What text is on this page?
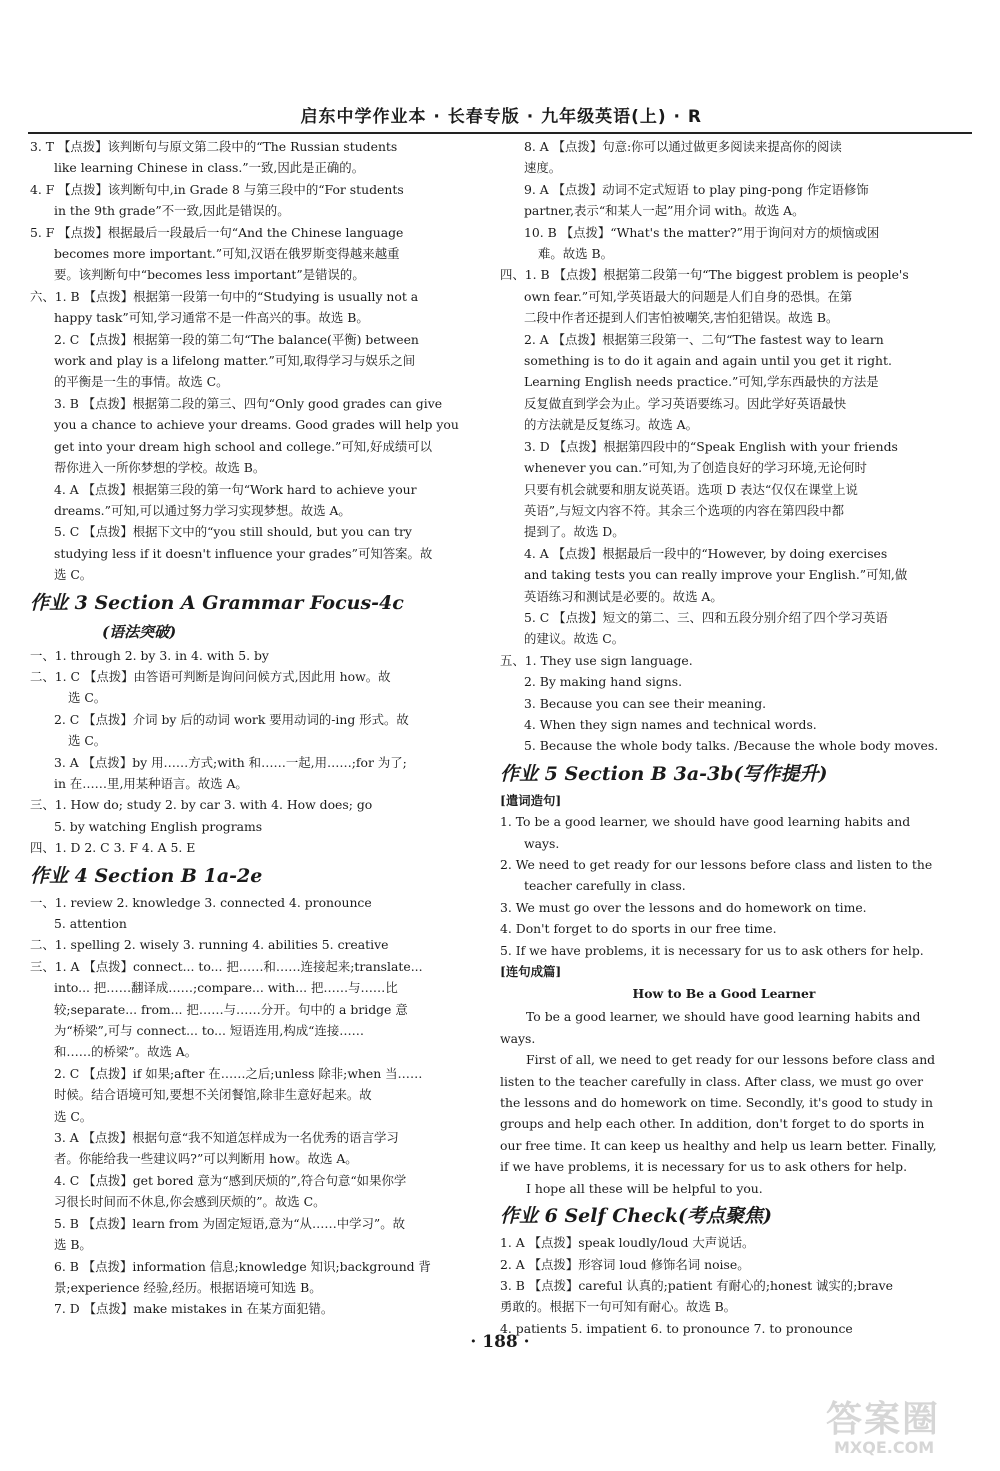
启东中学作业本 · 长春专版 · 九年级英语(上) · R
3. T 【点拨】该判断句与原文第二段中的“The Russian students
like learning Chinese in class.”一致,因此是正确的。
4. F 【点拨】该判断句中,in Grade 8 与第三段中的“For students
in the 9th grade”不一致,因此是错误的。
5. F 【点拨】根据最后一段最后一句“And the Chinese language
becomes more important.”可知,汉语在俄罗斯变得越来越重
要。该判断句中“becomes less important”是错误的。
六、1. B 【点拨】根据第一段第一句中的“Studying is usually not a
happy task”可知,学习通常不是一件高兴的事。故选 B。
2. C 【点拨】根据第一段的第二句“The balance(平衡) between
work and play is a lifelong matter.”可知,取得学习与娱乐之间
的平衡是一生的事情。故选 C。
3. B 【点拨】根据第二段的第三、四句“Only good grades can give
you a chance to achieve your dreams. Good grades will help you
get into your dream high school and college.”可知,好成绩可以
帮你进入一所你梦想的学校。故选 B。
4. A 【点拨】根据第三段的第一句“Work hard to achieve your
dreams.”可知,可以通过努力学习实现梦想。故选 A。
5. C 【点拨】根据下文中的“you still should, but you can try
studying less if it doesn't influence your grades”可知答案。故
选 C。
作业 3 Section A Grammar Focus-4c
(语法突破)
一、1. through 2. by 3. in 4. with 5. by
二、1. C 【点拨】由答语可判断是询问问候方式,因此用 how。故
选 C。
2. C 【点拨】介词 by 后的动词 work 要用动词的-ing 形式。故
选 C。
3. A 【点拨】by 用……方式;with 和……一起,用……;for 为了;
in 在……里,用某种语言。故选 A。
三、1. How do; study 2. by car 3. with 4. How does; go
5. by watching English programs
四、1. D 2. C 3. F 4. A 5. E
作业 4 Section B 1a-2e
一、1. review 2. knowledge 3. connected 4. pronounce
5. attention
二、1. spelling 2. wisely 3. running 4. abilities 5. creative
三、1. A 【点拨】connect... to... 把……和……连接起来;translate...
into... 把……翻译成……;compare... with... 把……与……比
较;separate... from... 把……与……分开。句中的 a bridge 意
为“桥梁”,可与 connect... to... 短语连用,构成“连接……
和……的桥梁”。故选 A。
2. C 【点拨】if 如果;after 在……之后;unless 除非;when 当……
时候。结合语境可知,要想不关闭餐馆,除非生意好起来。故
选 C。
3. A 【点拨】根据句意“我不知道怎样成为一名优秀的语言学习
者。你能给我一些建议吗?”可以判断用 how。故选 A。
4. C 【点拨】get bored 意为“感到厌烦的”,符合句意“如果你学
习很长时间而不休息,你会感到厌烦的”。故选 C。
5. B 【点拨】learn from 为固定短语,意为“从……中学习”。故
选 B。
6. B 【点拨】information 信息;knowledge 知识;background 背
景;experience 经验,经历。根据语境可知选 B。
7. D 【点拨】make mistakes in 在某方面犯错。
8. A 【点拨】句意:你可以通过做更多阅读来提高你的阅读
速度。
9. A 【点拨】动词不定式短语 to play ping-pong 作定语修饰
partner,表示“和某人一起”用介词 with。故选 A。
10. B 【点拨】“What's the matter?”用于询问对方的烦恼或困
难。故选 B。
四、1. B 【点拨】根据第二段第一句“The biggest problem is people's
own fear.”可知,学英语最大的问题是人们自身的恐惧。在第
二段中作者还提到人们害怕被嘲笑,害怕犯错误。故选 B。
2. A 【点拨】根据第三段第一、二句“The fastest way to learn
something is to do it again and again until you get it right.
Learning English needs practice.”可知,学东西最快的方法是
反复做直到学会为止。学习英语要练习。因此学好英语最快
的方法就是反复练习。故选 A。
3. D 【点拨】根据第四段中的“Speak English with your friends
whenever you can.”可知,为了创造良好的学习环境,无论何时
只要有机会就要和朋友说英语。选项 D 表达“仅仅在课堂上说
英语”,与短文内容不符。其余三个选项的内容在第四段中都
提到了。故选 D。
4. A 【点拨】根据最后一段中的“However, by doing exercises
and taking tests you can really improve your English.”可知,做
英语练习和测试是必要的。故选 A。
5. C 【点拨】短文的第二、三、四和五段分别介绍了四个学习英语
的建议。故选 C。
五、1. They use sign language.
2. By making hand signs.
3. Because you can see their meaning.
4. When they sign names and technical words.
5. Because the whole body talks. /Because the whole body moves.
作业 5 Section B 3a-3b(写作提升)
[遣词造句]
1. To be a good learner, we should have good learning habits and
ways.
2. We need to get ready for our lessons before class and listen to the
teacher carefully in class.
3. We must go over the lessons and do homework on time.
4. Don't forget to do sports in our free time.
5. If we have problems, it is necessary for us to ask others for help.
[连句成篇]
How to Be a Good Learner
To be a good learner, we should have good learning habits and
ways.
First of all, we need to get ready for our lessons before class and
listen to the teacher carefully in class. After class, we must go over
the lessons and do homework on time. Secondly, it's good to study in
groups and help each other. In addition, don't forget to do sports in
our free time. It can keep us healthy and help us learn better. Finally,
if we have problems, it is necessary for us to ask others for help.
I hope all these will be helpful to you.
作业 6 Self Check(考点聚焦)
1. A 【点拨】speak loudly/loud 大声说话。
2. A 【点拨】形容词 loud 修饰名词 noise。
3. B 【点拨】careful 认真的;patient 有耐心的;honest 诚实的;brave
勇敢的。根据下一句可知有耐心。故选 B。
4. patients 5. impatient 6. to pronounce 7. to pronounce
· 188 ·
答案圈
MXQE.COM
